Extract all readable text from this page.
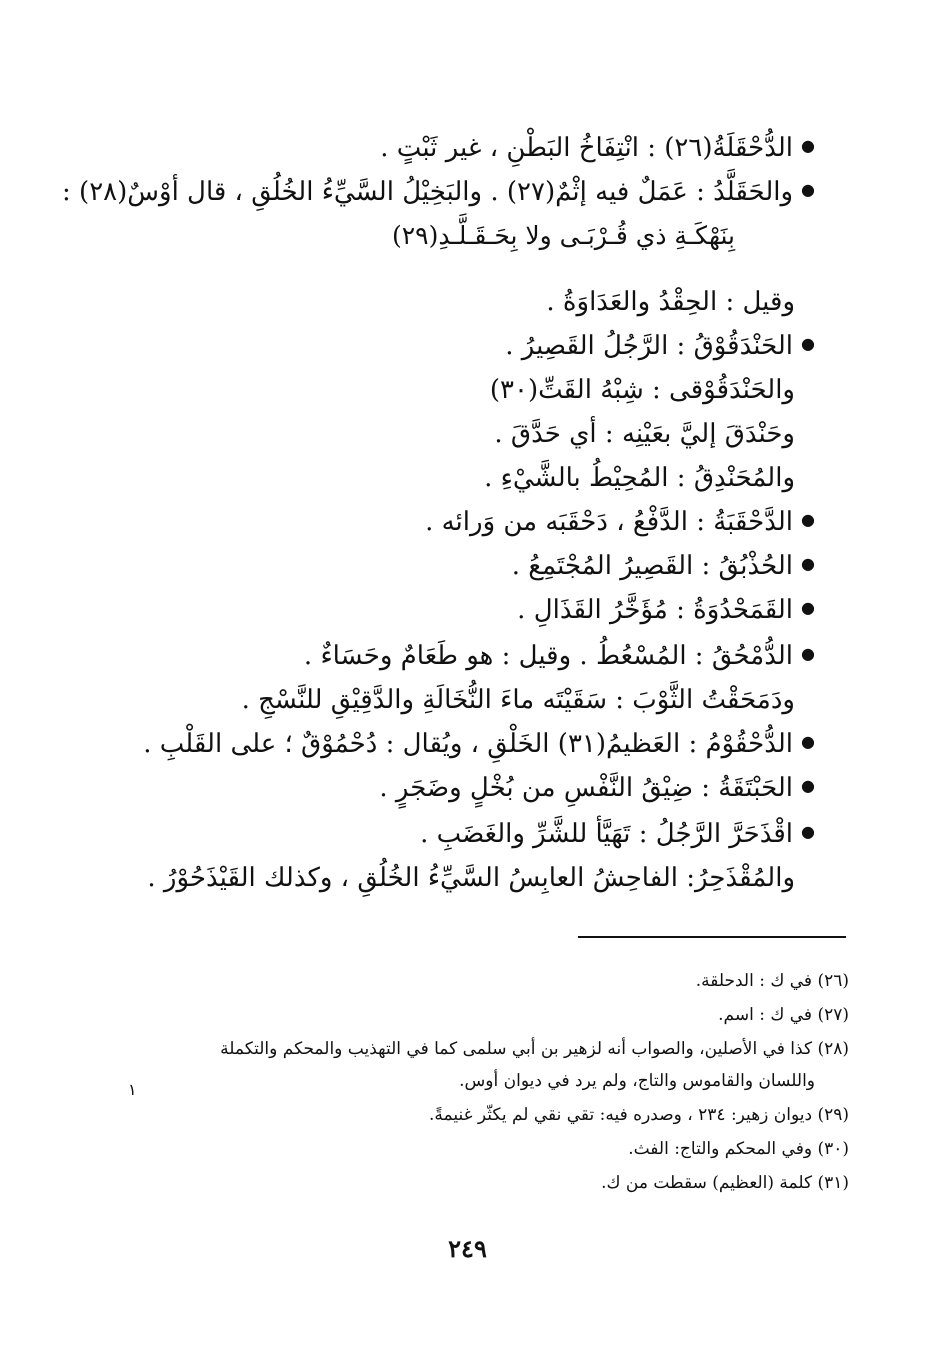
● الدُّحْقَلَةُ(٢٦) : انْتِفَاخُ البَطْنِ ، غير ثَبْتٍ .
● والحَقَلَّدُ : عَمَلٌ فيه إثْمٌ(٢٧) . والبَخِيْلُ السَّيِّءُ الخُلُقِ ، قال أوْسٌ(٢٨) :
بِنَهْكَـةِ ذي قُـرْبَـى ولا بِحَـقَـلَّـدِ(٢٩)
وقيل : الحِقْدُ والعَدَاوَةُ .
● الحَنْدَقُوْقُ : الرَّجُلُ القَصِيرُ .
والحَنْدَقُوْقى : شِبْهُ القَتِّ(٣٠)
وحَنْدَقَ إليَّ بعَيْنِه : أي حَدَّقَ .
والمُحَنْدِقُ : المُحِيْطُ بالشَّيْءِ .
● الدَّحْقَبَةُ : الدَّفْعُ ، دَحْقَبَه من وَرائه .
● الحُذْبُقُ : القَصِيرُ المُجْتَمِعُ .
● القَمَحْدُوَةُ : مُؤَخَّرُ القَذَالِ .
● الدُّمْحُقُ : المُسْعُطُ . وقيل : هو طَعَامٌ وحَسَاءٌ .
ودَمَحَقْتُ الثَّوْبَ : سَقَيْتَه ماءَ النُّخَالَةِ والدَّقِيْقِ للنَّسْجِ .
● الدُّحْقُوْمُ : العَظيمُ(٣١) الخَلْقِ ، ويُقال : دُحْمُوْقٌ ؛ على القَلْبِ .
● الحَبْتَقَةُ : ضِيْقُ النَّفْسِ من بُخْلٍ وضَجَرٍ .
● اقْذَحَرَّ الرَّجُلُ : تَهَيَّأ للشَّرِّ والغَضَبِ .
والمُقْذَحِرُ: الفاحِشُ العابِسُ السَّيِّءُ الخُلُقِ ، وكذلك القَيْذَحُوْرُ .
(٢٦) في ك : الدحلقة.
(٢٧) في ك : اسم.
(٢٨) كذا في الأصلين، والصواب أنه لزهير بن أبي سلمى كما في التهذيب والمحكم والتكملة
واللسان والقاموس والتاج، ولم يرد في ديوان أوس.
(٢٩) ديوان زهير: ٢٣٤ ، وصدره فيه: تقي نقي لم يكثّر غنيمةً.
(٣٠) وفي المحكم والتاج: الفث.
(٣١) كلمة (العظيم) سقطت من ك.
١
٢٤٩
